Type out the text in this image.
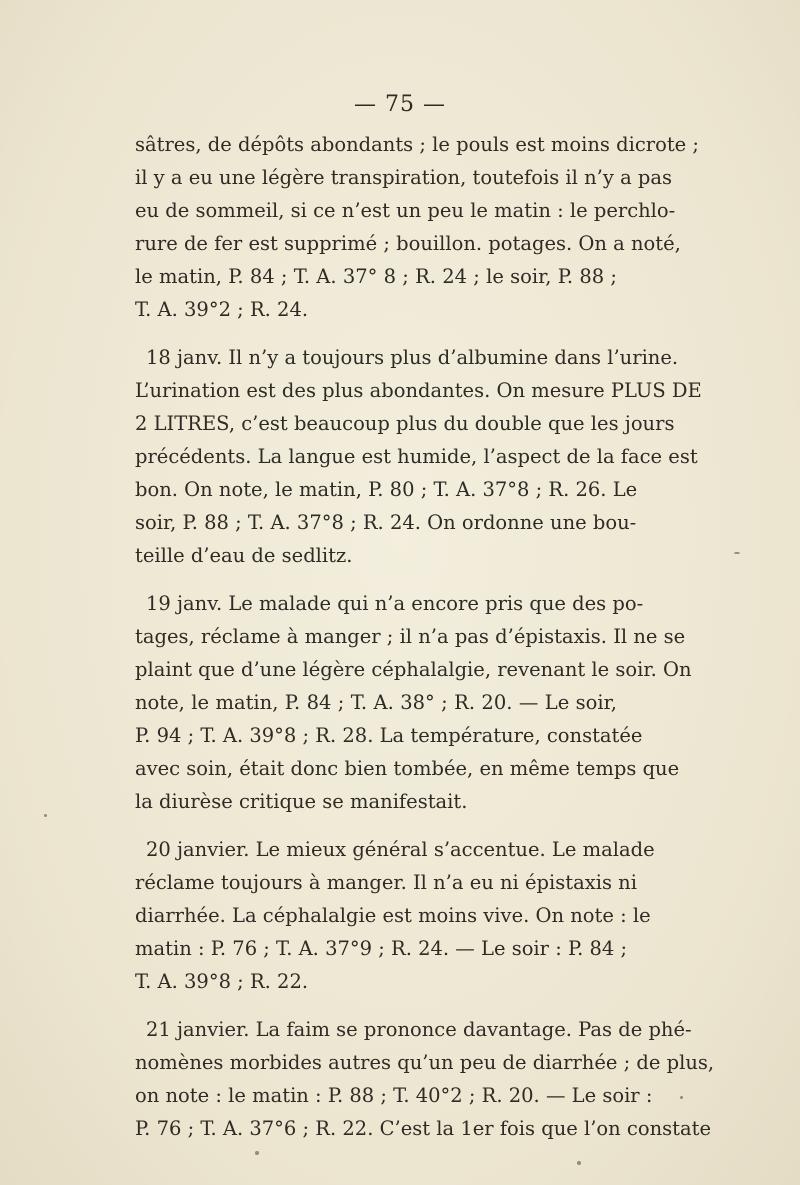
— 75 —
sâtres, de dépôts abondants ; le pouls est moins dicrote ;
il y a eu une légère transpiration, toutefois il n’y a pas
eu de sommeil, si ce n’est un peu le matin : le perchlo-
rure de fer est supprimé ; bouillon. potages. On a noté,
le matin, P. 84 ; T. A. 37° 8 ; R. 24 ; le soir, P. 88 ;
T. A. 39°2 ; R. 24.
18 janv. Il n’y a toujours plus d’albumine dans l’urine.
L’urination est des plus abondantes. On mesure PLUS DE
2 LITRES, c’est beaucoup plus du double que les jours
précédents. La langue est humide, l’aspect de la face est
bon. On note, le matin, P. 80 ; T. A. 37°8 ; R. 26. Le
soir, P. 88 ; T. A. 37°8 ; R. 24. On ordonne une bou-
teille d’eau de sedlitz.
19 janv. Le malade qui n’a encore pris que des po-
tages, réclame à manger ; il n’a pas d’épistaxis. Il ne se
plaint que d’une légère céphalalgie, revenant le soir. On
note, le matin, P. 84 ; T. A. 38° ; R. 20. — Le soir,
P. 94 ; T. A. 39°8 ; R. 28. La température, constatée
avec soin, était donc bien tombée, en même temps que
la diurèse critique se manifestait.
20 janvier. Le mieux général s’accentue. Le malade
réclame toujours à manger. Il n’a eu ni épistaxis ni
diarrhée. La céphalalgie est moins vive. On note : le
matin : P. 76 ; T. A. 37°9 ; R. 24. — Le soir : P. 84 ;
T. A. 39°8 ; R. 22.
21 janvier. La faim se prononce davantage. Pas de phé-
nomènes morbides autres qu’un peu de diarrhée ; de plus,
on note : le matin : P. 88 ; T. 40°2 ; R. 20. — Le soir :
P. 76 ; T. A. 37°6 ; R. 22. C’est la 1er fois que l’on constate
